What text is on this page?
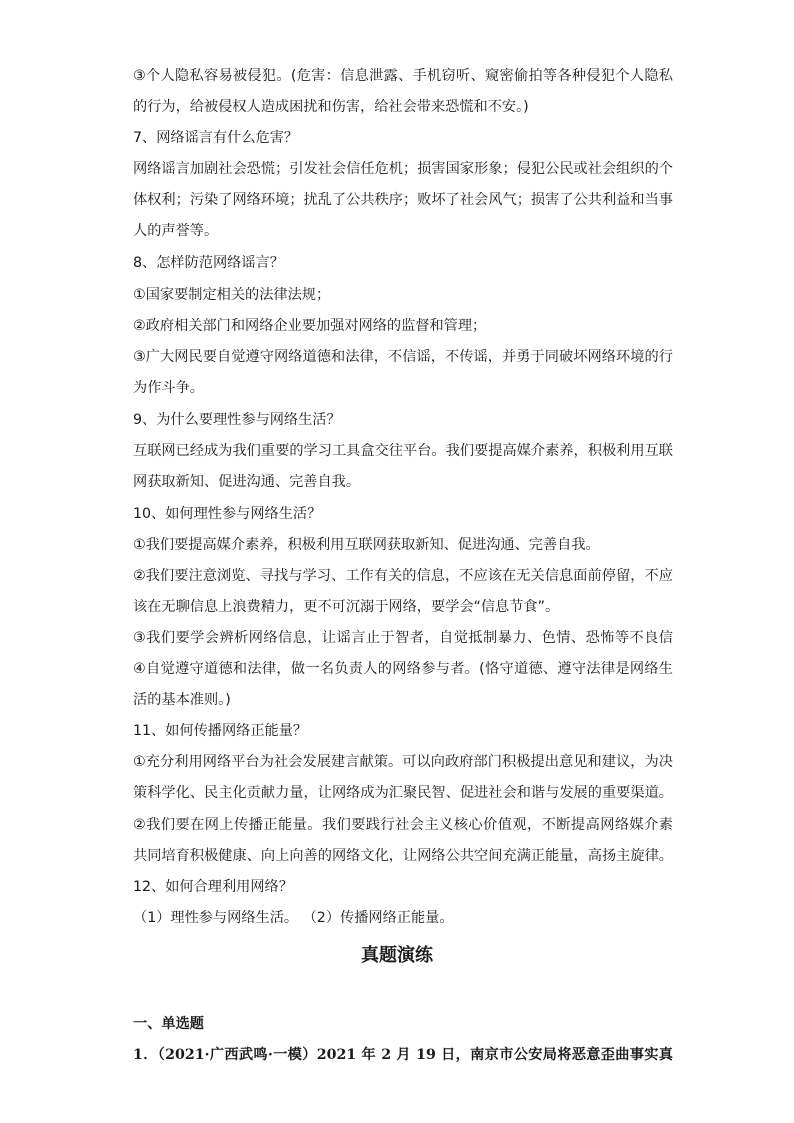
③个人隐私容易被侵犯。(危害：信息泄露、手机窃听、窥密偷拍等各种侵犯个人隐私
的行为，给被侵权人造成困扰和伤害，给社会带来恐慌和不安。)
7、网络谣言有什么危害？
网络谣言加剧社会恐慌；引发社会信任危机；损害国家形象；侵犯公民或社会组织的个
体权利；污染了网络环境；扰乱了公共秩序；败坏了社会风气；损害了公共利益和当事
人的声誉等。
8、怎样防范网络谣言？
①国家要制定相关的法律法规；
②政府相关部门和网络企业要加强对网络的监督和管理；
③广大网民要自觉遵守网络道德和法律，不信谣，不传谣，并勇于同破坏网络环境的行
为作斗争。
9、为什么要理性参与网络生活？
互联网已经成为我们重要的学习工具盒交往平台。我们要提高媒介素养，积极利用互联
网获取新知、促进沟通、完善自我。
10、如何理性参与网络生活？
①我们要提高媒介素养，积极利用互联网获取新知、促进沟通、完善自我。
②我们要注意浏览、寻找与学习、工作有关的信息，不应该在无关信息面前停留，不应
该在无聊信息上浪费精力，更不可沉溺于网络，要学会“信息节食”。
③我们要学会辨析网络信息，让谣言止于智者，自觉抵制暴力、色情、恐怖等不良信
④自觉遵守道德和法律，做一名负责人的网络参与者。(恪守道德、遵守法律是网络生
活的基本准则。)
11、如何传播网络正能量？
①充分利用网络平台为社会发展建言献策。可以向政府部门积极提出意见和建议，为决
策科学化、民主化贡献力量，让网络成为汇聚民智、促进社会和谐与发展的重要渠道。
②我们要在网上传播正能量。我们要践行社会主义核心价值观，不断提高网络媒介素
共同培育积极健康、向上向善的网络文化，让网络公共空间充满正能量，高扬主旋律。
12、如何合理利用网络？
（1）理性参与网络生活。 （2）传播网络正能量。
真题演练
一、单选题
1．（2021·广西武鸣·一模）2021 年 2 月 19 日，南京市公安局将恶意歪曲事实真
